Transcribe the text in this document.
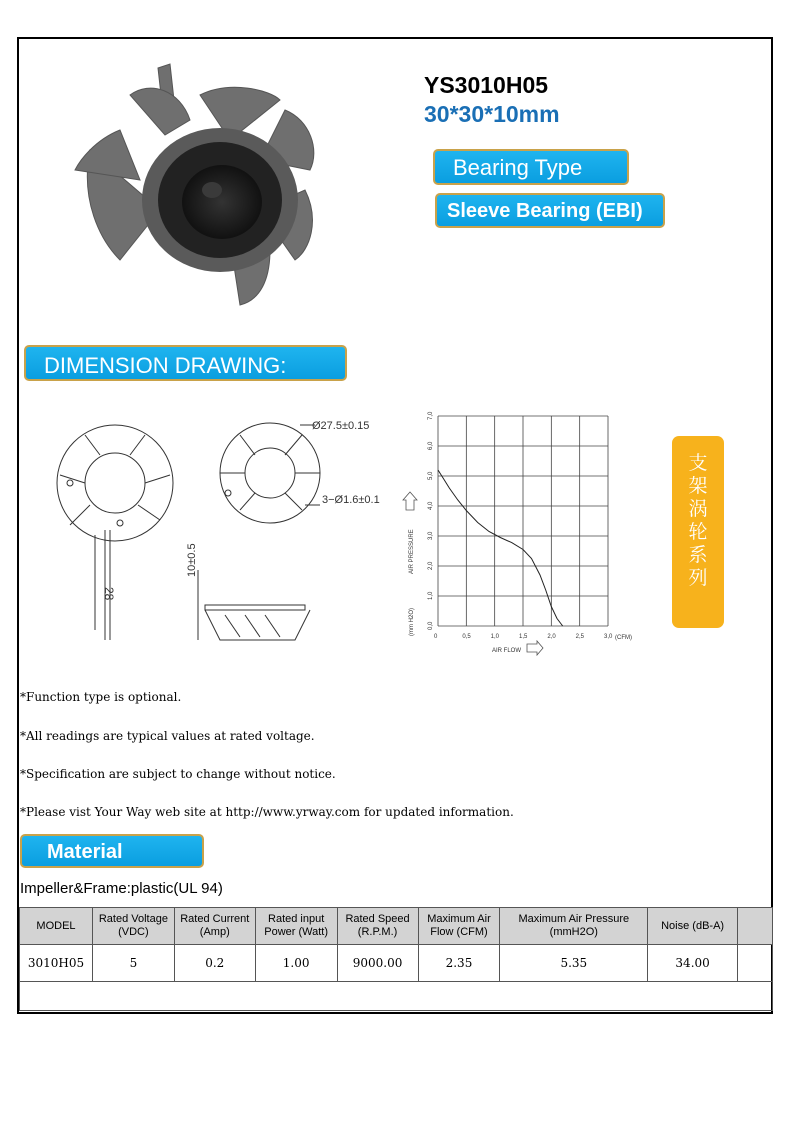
YS3010H05
30*30*10mm
Bearing Type
Sleeve Bearing (EBI)
DIMENSION DRAWING:
28
Ø27.5±0.15
3−Ø1.6±0.1
10±0.5
0	0,5	1,0	1,5	2,0	2,5	3,0
0,0
1,0
2,0
3,0
4,0
5,0
6,0
7,0
AIR FLOW
(CFM)
AIR PRESSURE
(mm H2O)
支
架
涡
轮
系
列
*Function type is optional.
*All readings are typical values at rated voltage.
*Specification are subject to change without notice.
*Please vist Your Way web site at http://www.yrway.com for updated information.
Material
Impeller&Frame:plastic(UL 94)
MODEL	Rated Voltage (VDC)	Rated Current (Amp)	Rated input Power (Watt)	Rated Speed (R.P.M.)	Maximum Air Flow (CFM)	Maximum Air Pressure (mmH2O)	Noise (dB-A)	
3010H05	5	0.2	1.00	9000.00	2.35	5.35	34.00	
